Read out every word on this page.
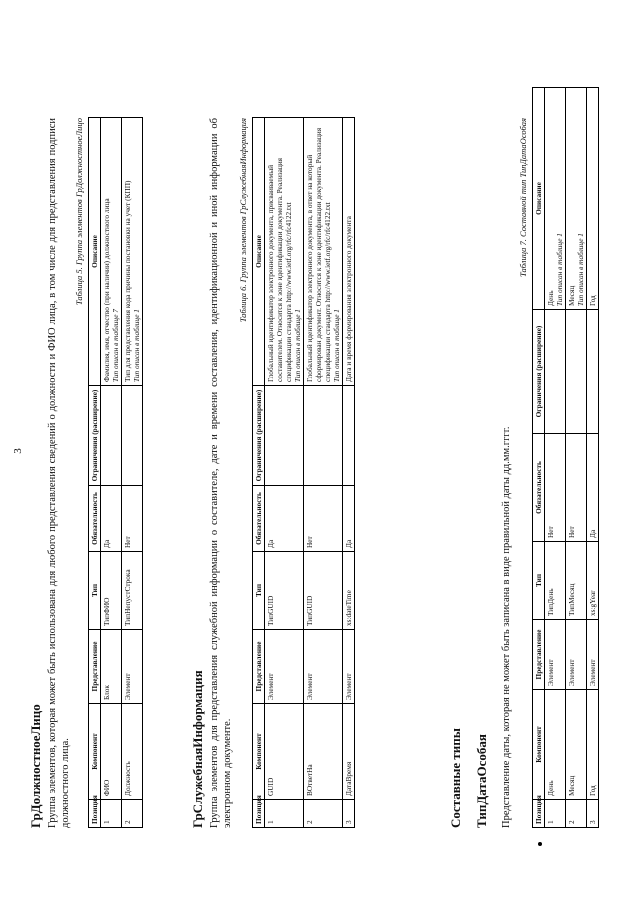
3
ГрДолжностноеЛицо Группа элементов, которая может быть использована для любого представления сведений о должности и ФИО лица, в том числе для представления подписи должностного лица.
Таблица 5. Группа элементов ГрДолжностноеЛицо
Позиция	Компонент	Представление	Тип	Обязательность	Ограничения (расширение)	Описание
1	ФИО	Блок	ТипФИО	Да		Фамилия, имя, отчество (при наличии) должностного лица Тип описан в таблице 7

2	Должность	Элемент	ТипНепустСтрока	Нет		Тип для представления кода причины постановки на учет (КПП) Тип описан в таблице 1
ГрСлужебнаяИнформация Группа элементов для представления служебной информации о составителе, дате и времени составления, идентификационной и иной информации об электронном документе.
Таблица 6. Группа элементов ГрСлужебнаяИнформация
Позиция	Компонент	Представление	Тип	Обязательность	Ограничения (расширение)	Описание
1	GUID	Элемент	ТипGUID	Да		Глобальный идентификатор электронного документа, присваиваемый составителем. Относится к зоне идентификации документа. Реализация спецификации стандарта http://www.ietf.org/rfc/rfc4122.txt Тип описан в таблице 1

2	ВОтветНа	Элемент	ТипGUID	Нет		Глобальный идентификатор электронного документа, в ответ на который сформирован документ. Относится к зоне идентификации документа. Реализация спецификации стандарта http://www.ietf.org/rfc/rfc4122.txt Тип описан в таблице 1

3	ДатаВремя	Элемент	xs:dateTime	Да		Дата и время формирования электронного документа
Составные типы ТипДатаОсобая Представление даты, которая не может быть записана в виде правильной даты дд.мм.гггг.
Таблица 7. Составной тип ТипДатаОсобая
Позиция	Компонент	Представление	Тип	Обязательность	Ограничения (расширение)	Описание
1	День	Элемент	ТипДень	Нет		День Тип описан в таблице 1

2	Месяц	Элемент	ТипМесяц	Нет		Месяц Тип описан в таблице 1

3	Год	Элемент	xs:gYear	Да		Год
